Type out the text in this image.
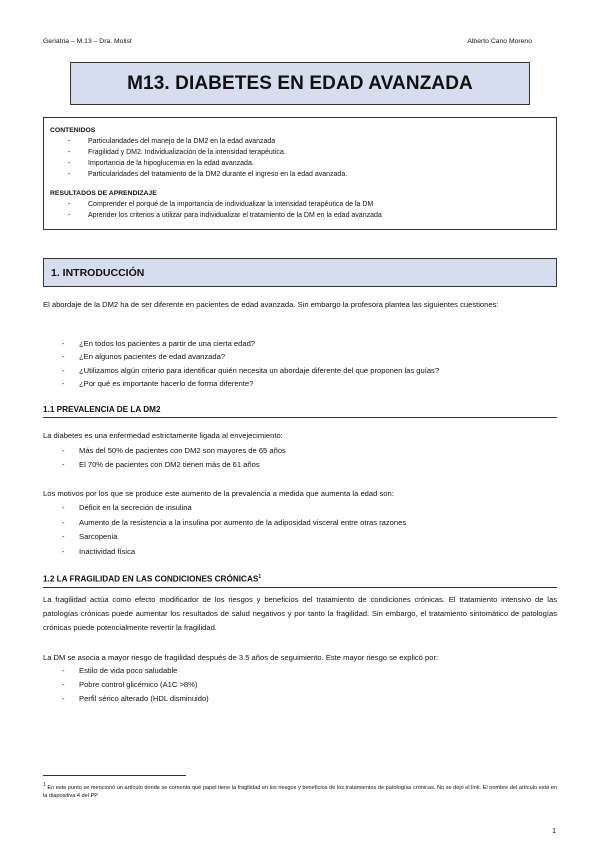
Geriatria – M.13 – Dra. Molist	Alberto Cano Moreno
M13. DIABETES EN EDAD AVANZADA
CONTENIDOS
- Particularidades del manejo de la DM2 en la edad avanzada
- Fragilidad y DM2. Individualización de la intensidad terapéutica.
- Importancia de la hipoglucemia en la edad avanzada.
- Particularidades del tratamiento de la DM2 durante el ingreso en la edad avanzada.
RESULTADOS DE APRENDIZAJE
- Comprender el porqué de la importancia de individualizar la intensidad terapéutica de la DM
- Aprender los criterios a utilizar para individualizar el tratamiento de la DM en la edad avanzada
1. INTRODUCCIÓN
El abordaje de la DM2 ha de ser diferente en pacientes de edad avanzada. Sin embargo la profesora plantea las siguientes cuestiones:
- ¿En todos los pacientes a partir de una cierta edad?
- ¿En algunos pacientes de edad avanzada?
- ¿Utilizamos algún criterio para identificar quién necesita un abordaje diferente del que proponen las guías?
- ¿Por qué es importante hacerlo de forma diferente?
1.1 PREVALENCIA DE LA DM2
La diabetes es una enfermedad estrictamente ligada al envejecimiento:
- Más del 50% de pacientes con DM2 son mayores de 65 años
- El 70% de pacientes con DM2 tienen más de 61 años
Los motivos por los que se produce este aumento de la prevalencia a medida que aumenta la edad son:
- Déficit en la secreción de insulina
- Aumento de la resistencia a la insulina por aumento de la adiposidad visceral entre otras razones
- Sarcopenia
- Inactividad física
1.2 LA FRAGILIDAD EN LAS CONDICIONES CRÓNICAS$^1$
La fragilidad actúa como efecto modificador de los riesgos y beneficios del tratamiento de condiciones crónicas. El tratamiento intensivo de las patologías crónicas puede aumentar los resultados de salud negativos y por tanto la fragilidad. Sin embargo, el tratamiento sintomático de patologías crónicas puede potencialmente revertir la fragilidad.
La DM se asocia a mayor riesgo de fragilidad después de 3.5 años de seguimiento. Este mayor riesgo se explicó por:
- Estilo de vida poco saludable
- Pobre control glicémico (A1C >8%)
- Perfil sérico alterado (HDL disminuido)
$^1$ En este punto se mencionó un artículo donde se comenta qué papel tiene la fragilidad en los riesgos y beneficios de los tratamientos de patologías crónicas. No se dejó el link. El nombre del artículo está en la diapositiva 4 del PP
1
